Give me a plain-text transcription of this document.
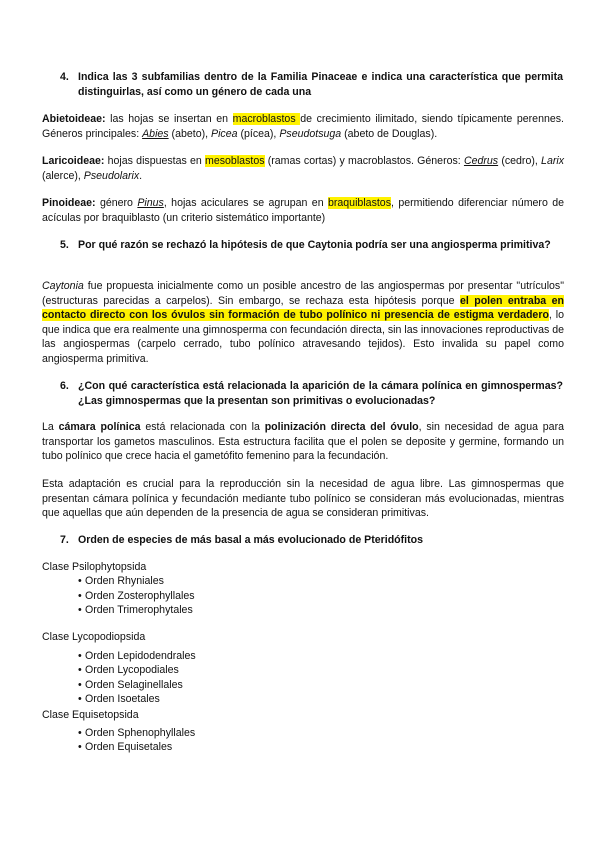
4. Indica las 3 subfamilias dentro de la Familia Pinaceae e indica una característica que permita distinguirlas, así como un género de cada una
Abietoideae: las hojas se insertan en macroblastos de crecimiento ilimitado, siendo típicamente perennes. Géneros principales: Abies (abeto), Picea (pícea), Pseudotsuga (abeto de Douglas).
Laricoideae: hojas dispuestas en mesoblastos (ramas cortas) y macroblastos. Géneros: Cedrus (cedro), Larix (alerce), Pseudolarix.
Pinoideae: género Pinus, hojas aciculares se agrupan en braquiblastos, permitiendo diferenciar número de acículas por braquiblasto (un criterio sistemático importante)
5. Por qué razón se rechazó la hipótesis de que Caytonia podría ser una angiosperma primitiva?
Caytonia fue propuesta inicialmente como un posible ancestro de las angiospermas por presentar "utrículos" (estructuras parecidas a carpelos). Sin embargo, se rechaza esta hipótesis porque el polen entraba en contacto directo con los óvulos sin formación de tubo polínico ni presencia de estigma verdadero, lo que indica que era realmente una gimnosperma con fecundación directa, sin las innovaciones reproductivas de las angiospermas (carpelo cerrado, tubo polínico atravesando tejidos). Esto invalida su papel como angiosperma primitiva.
6. ¿Con qué característica está relacionada la aparición de la cámara polínica en gimnospermas? ¿Las gimnospermas que la presentan son primitivas o evolucionadas?
La cámara polínica está relacionada con la polinización directa del óvulo, sin necesidad de agua para transportar los gametos masculinos. Esta estructura facilita que el polen se deposite y germine, formando un tubo polínico que crece hacia el gametófito femenino para la fecundación.
Esta adaptación es crucial para la reproducción sin la necesidad de agua libre. Las gimnospermas que presentan cámara polínica y fecundación mediante tubo polínico se consideran más evolucionadas, mientras que aquellas que aún dependen de la presencia de agua se consideran primitivas.
7. Orden de especies de más basal a más evolucionado de Pteridófitos
Clase Psilophytopsida
• Orden Rhyniales
• Orden Zosterophyllales
• Orden Trimerophytales
Clase Lycopodiopsida
• Orden Lepidodendrales
• Orden Lycopodiales
• Orden Selaginellales
• Orden Isoetales
Clase Equisetopsida
• Orden Sphenophyllales
• Orden Equisetales
